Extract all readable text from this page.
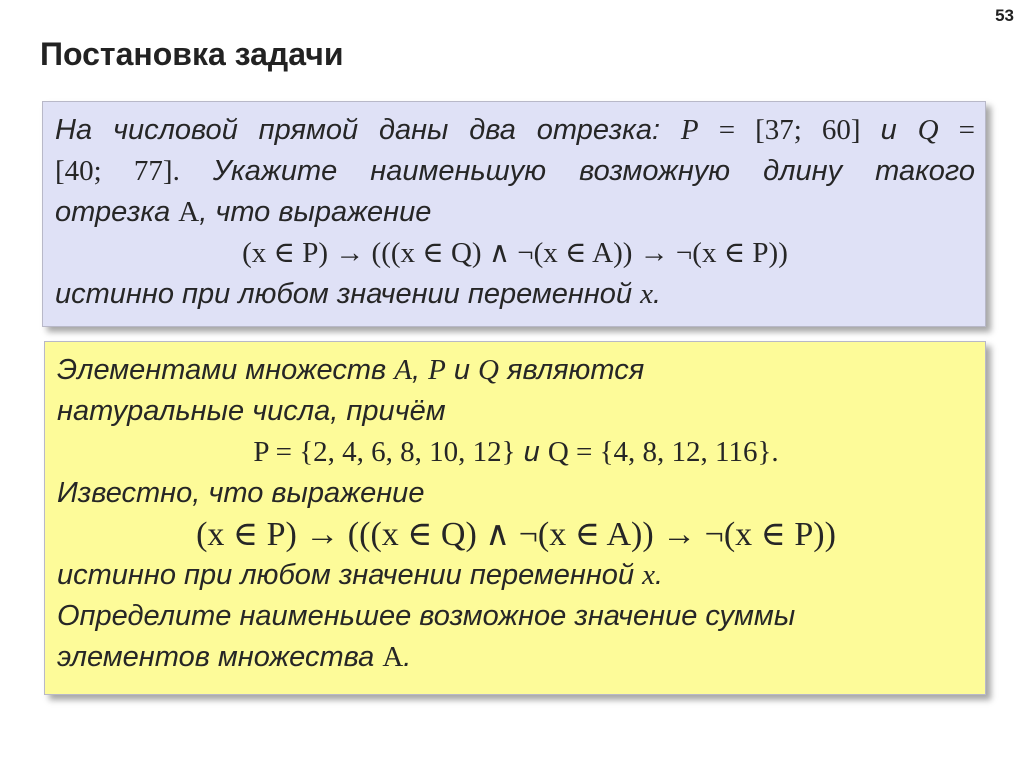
53
Постановка задачи
На числовой прямой даны два отрезка: P = [37; 60] и Q =
[40; 77]. Укажите наименьшую возможную длину такого
отрезка A, что выражение
(x ∈ P) → (((x ∈ Q) ∧ ¬(x ∈ A)) → ¬(x ∈ P))
истинно при любом значении переменной x.
Элементами множеств A, P и Q являются
натуральные числа, причём
P = {2, 4, 6, 8, 10, 12} и Q = {4, 8, 12, 116}.
Известно, что выражение
(x ∈ P) → (((x ∈ Q) ∧ ¬(x ∈ A)) → ¬(x ∈ P))
истинно при любом значении переменной x.
Определите наименьшее возможное значение суммы
элементов множества A.
